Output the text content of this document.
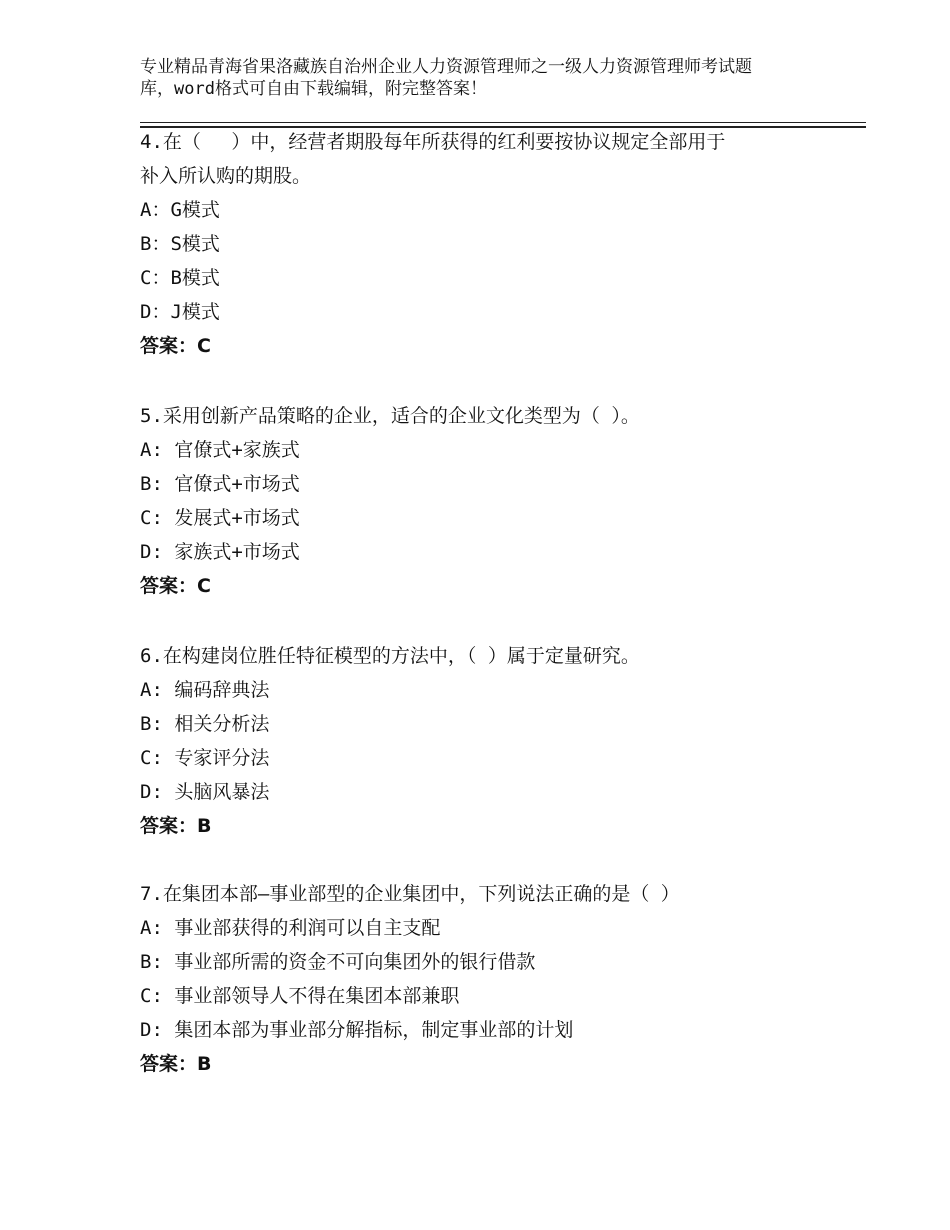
专业精品青海省果洛藏族自治州企业人力资源管理师之一级人力资源管理师考试题
库，word格式可自由下载编辑，附完整答案！
4.在（　 ）中，经营者期股每年所获得的红利要按协议规定全部用于
补入所认购的期股。
A：G模式
B：S模式
C：B模式
D：J模式
答案：C
5.采用创新产品策略的企业，适合的企业文化类型为（ ）。
A: 官僚式+家族式
B: 官僚式+市场式
C: 发展式+市场式
D: 家族式+市场式
答案：C
6.在构建岗位胜任特征模型的方法中，（ ）属于定量研究。
A: 编码辞典法
B: 相关分析法
C: 专家评分法
D: 头脑风暴法
答案：B
7.在集团本部—事业部型的企业集团中，下列说法正确的是（ ）
A: 事业部获得的利润可以自主支配
B: 事业部所需的资金不可向集团外的银行借款
C: 事业部领导人不得在集团本部兼职
D: 集团本部为事业部分解指标，制定事业部的计划
答案：B
